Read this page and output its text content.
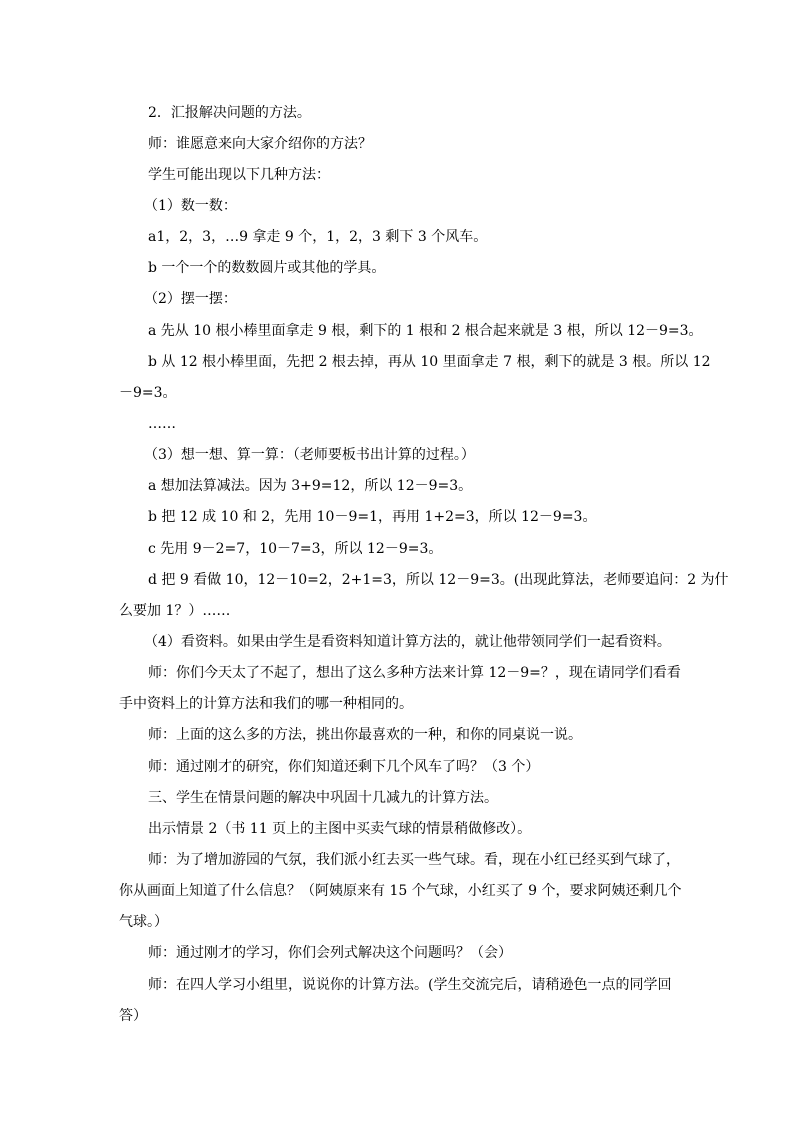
2．汇报解决问题的方法。
师：谁愿意来向大家介绍你的方法？
学生可能出现以下几种方法：
（1）数一数：
a1，2，3，…9 拿走 9 个，1，2，3 剩下 3 个风车。
b 一个一个的数数圆片或其他的学具。
（2）摆一摆：
a 先从 10 根小棒里面拿走 9 根，剩下的 1 根和 2 根合起来就是 3 根，所以 12－9=3。
b 从 12 根小棒里面，先把 2 根去掉，再从 10 里面拿走 7 根，剩下的就是 3 根。所以 12
－9=3。
……
（3）想一想、算一算：（老师要板书出计算的过程。）
a 想加法算减法。因为 3+9=12，所以 12－9=3。
b 把 12 成 10 和 2，先用 10－9=1，再用 1+2=3，所以 12－9=3。
c 先用 9－2=7，10－7=3，所以 12－9=3。
d 把 9 看做 10，12－10=2，2+1=3，所以 12－9=3。(出现此算法，老师要追问：2 为什
么要加 1？）……
（4）看资料。如果由学生是看资料知道计算方法的，就让他带领同学们一起看资料。
师：你们今天太了不起了，想出了这么多种方法来计算 12－9=？，现在请同学们看看
手中资料上的计算方法和我们的哪一种相同的。
师：上面的这么多的方法，挑出你最喜欢的一种，和你的同桌说一说。
师：通过刚才的研究，你们知道还剩下几个风车了吗？（3 个）
三、学生在情景问题的解决中巩固十几减九的计算方法。
出示情景 2（书 11 页上的主图中买卖气球的情景稍做修改）。
师：为了增加游园的气氛，我们派小红去买一些气球。看，现在小红已经买到气球了，
你从画面上知道了什么信息？（阿姨原来有 15 个气球，小红买了 9 个，要求阿姨还剩几个
气球。）
师：通过刚才的学习，你们会列式解决这个问题吗？（会）
师：在四人学习小组里，说说你的计算方法。(学生交流完后，请稍逊色一点的同学回
答）
